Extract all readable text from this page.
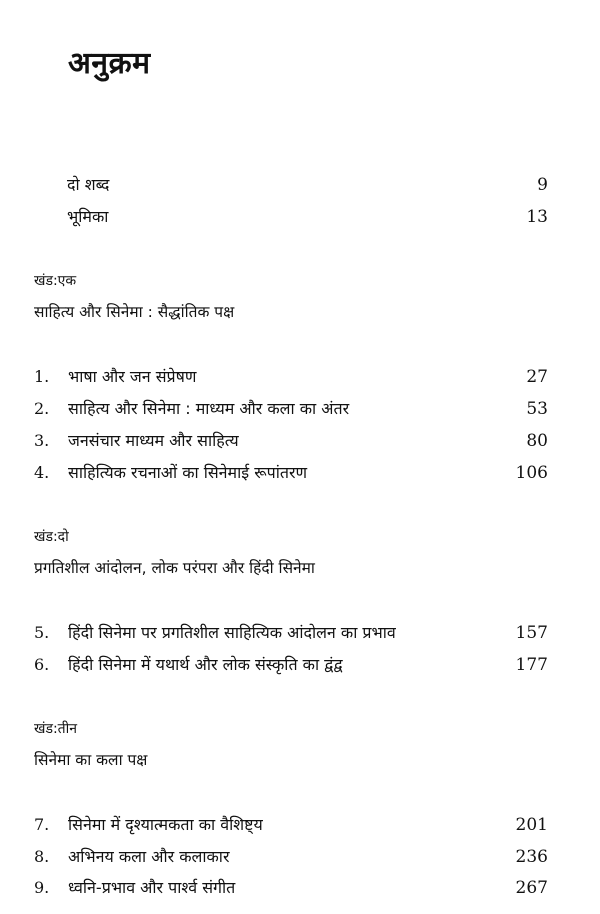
अनुक्रम
दो शब्द	9
भूमिका	13
खंड:एक
साहित्य और सिनेमा : सैद्धांतिक पक्ष
1. भाषा और जन संप्रेषण	27
2. साहित्य और सिनेमा : माध्यम और कला का अंतर	53
3. जनसंचार माध्यम और साहित्य	80
4. साहित्यिक रचनाओं का सिनेमाई रूपांतरण	106
खंड:दो
प्रगतिशील आंदोलन, लोक परंपरा और हिंदी सिनेमा
5. हिंदी सिनेमा पर प्रगतिशील साहित्यिक आंदोलन का प्रभाव	157
6. हिंदी सिनेमा में यथार्थ और लोक संस्कृति का द्वंद्व	177
खंड:तीन
सिनेमा का कला पक्ष
7. सिनेमा में दृश्यात्मकता का वैशिष्ट्य	201
8. अभिनय कला और कलाकार	236
9. ध्वनि-प्रभाव और पार्श्व संगीत	267
